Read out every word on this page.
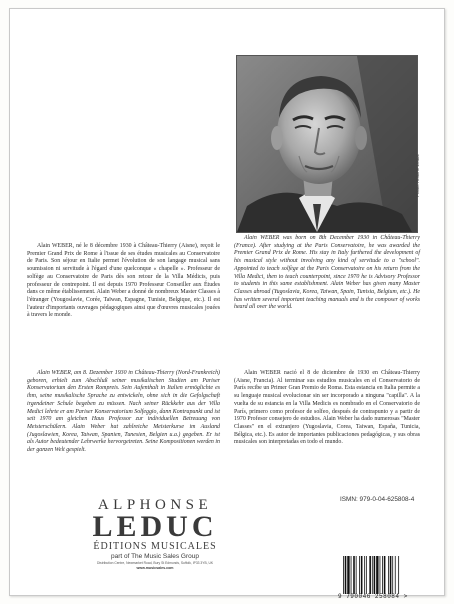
Photo: Antoine Leduc

Alain WEBER, né le 8 décembre 1930 à Château-Thierry (Aisne), reçoit le Premier Grand Prix de Rome à l'issue de ses études musicales au Conservatoire de Paris. Son séjour en Italie permet l'évolution de son langage musical sans soumission ni servitude à l'égard d'une quelconque « chapelle ». Professeur de solfège au Conservatoire de Paris dès son retour de la Villa Médicis, puis professeur de contrepoint. Il est depuis 1970 Professeur Conseiller aux Études dans ce même établissement. Alain Weber a donné de nombreux Master Classes à l'étranger (Yougoslavie, Corée, Taïwan, Espagne, Tunisie, Belgique, etc.). Il est l'auteur d'importants ouvrages pédagogiques ainsi que d'œuvres musicales jouées à travers le monde.

Alain WEBER was born on 8th December 1930 in Château-Thierry (France). After studying at the Paris Conservatoire, he was awarded the Premier Grand Prix de Rome. His stay in Italy furthered the development of his musical style without involving any kind of servitude to a "school". Appointed to teach solfège at the Paris Conservatoire on his return from the Villa Medici, then to teach counterpoint, since 1970 he is Advisory Professor to students in this same establishment. Alain Weber has given many Master Classes abroad (Yugoslavia, Korea, Taiwan, Spain, Tunisia, Belgium, etc.). He has written several important teaching manuals and is the composer of works heard all over the world.

Alain WEBER, am 8. Dezember 1930 in Château-Thierry (Nord-Frankreich) geboren, erhielt zum Abschluß seiner musikalischen Studien am Pariser Konservatorium den Ersten Rompreis. Sein Aufenthalt in Italien ermöglichte es ihm, seine musikalische Sprache zu entwickeln, ohne sich in die Gefolgschaft irgendeiner Schule begeben zu müssen. Nach seiner Rückkehr aus der Villa Medici lehrte er am Pariser Konservatorium Solfeggio, dann Kontrapunkt und ist seit 1970 am gleichen Haus Professor zur individuellen Betreuung von Meisterschülern. Alain Weber hat zahlreiche Meisterkurse im Ausland (Jugoslawien, Korea, Taiwan, Spanien, Tunesien, Belgien u.a.) gegeben. Er ist als Autor bedeutender Lehrwerke hervorgetreten. Seine Kompositionen werden in der ganzen Welt gespielt.

Alain WEBER nació el 8 de diciembre de 1930 en Château-Thierry (Aisne, Francia). Al terminar sus estudios musicales en el Conservatorio de París recibe un Primer Gran Premio de Roma. Esta estancia en Italia permite a su lenguaje musical evolucionar sin ser incorporado a ninguna "capilla". A la vuelta de su estancia en la Villa Medicis es nombrado en el Conservatorio de París, primero como profesor de solfeo, después de contrapunto y a partir de 1970 Profesor consejero de estudios. Alain Weber ha dado numerosas "Master Classes" en el extranjero (Yugoslavia, Corea, Taiwan, España, Tunicia, Bélgica, etc.). Es autor de importantes publicaciones pedagógicas, y sus obras musicales son interpretadas en todo el mundo.

ALPHONSE
LEDUC
ÉDITIONS MUSICALES
part of The Music Sales Group
Distribution Centre, Newmarket Road, Bury St Edmunds, Suffolk, IP33 3YB, UK
www.musicsales.com
ISMN: 979-0-04-625808-4
9 790046 258084 >
